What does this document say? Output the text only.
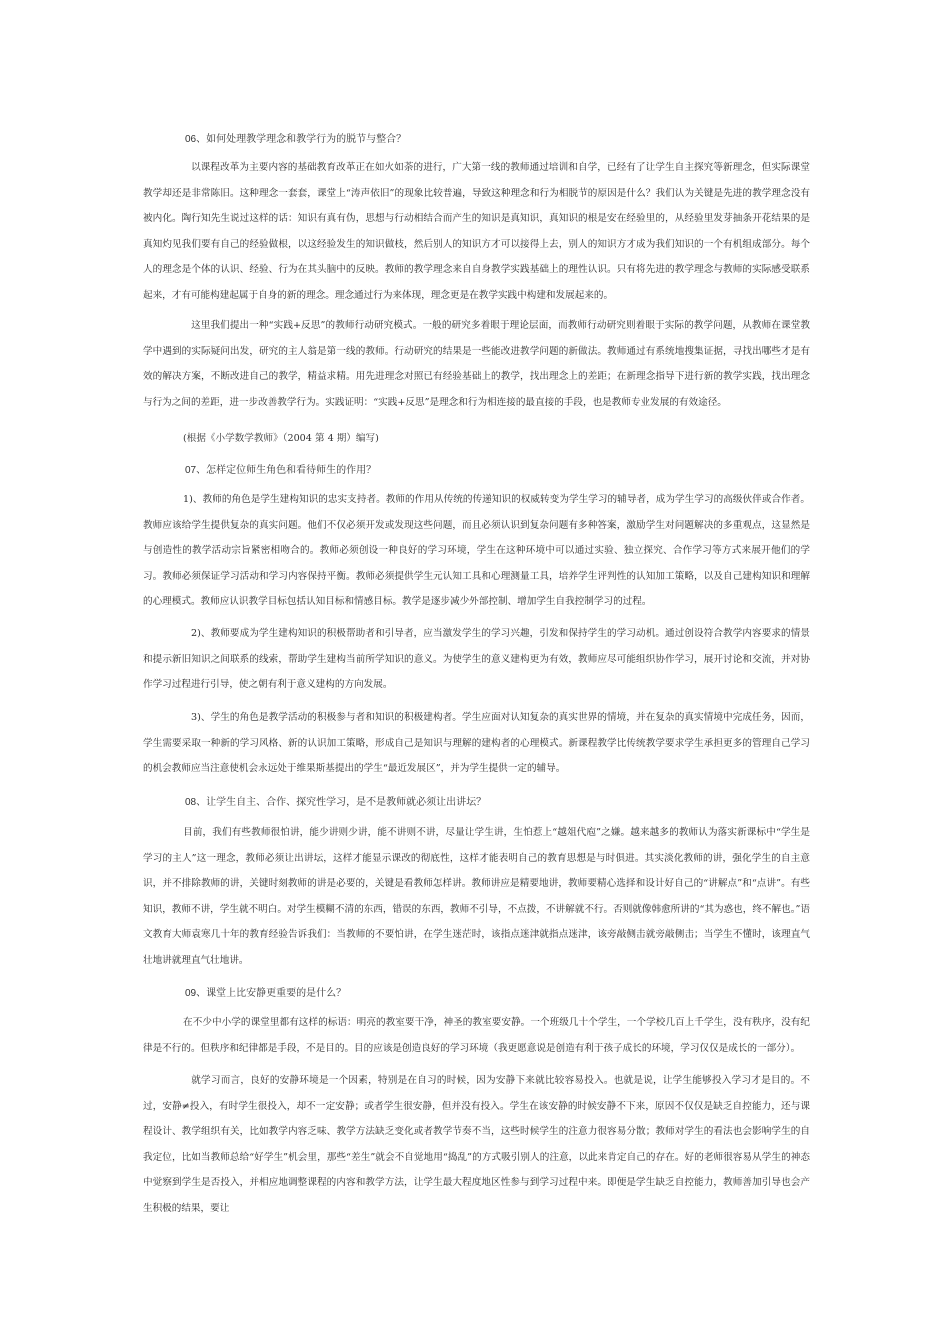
06、如何处理教学理念和教学行为的脱节与整合？
以课程改革为主要内容的基础教育改革正在如火如荼的进行，广大第一线的教师通过培训和自学，已经有了让学生自主探究等新理念，但实际课堂教学却还是非常陈旧。这种理念一套套，课堂上“涛声依旧”的现象比较普遍，导致这种理念和行为相脱节的原因是什么？我们认为关键是先进的教学理念没有被内化。陶行知先生说过这样的话：知识有真有伪，思想与行动相结合而产生的知识是真知识，真知识的根是安在经验里的，从经验里发芽抽条开花结果的是真知灼见我们要有自己的经验做根，以这经验发生的知识做枝，然后别人的知识方才可以接得上去，别人的知识方才成为我们知识的一个有机组成部分。每个人的理念是个体的认识、经验、行为在其头脑中的反映。教师的教学理念来自自身教学实践基础上的理性认识。只有将先进的教学理念与教师的实际感受联系起来，才有可能构建起属于自身的新的理念。理念通过行为来体现，理念更是在教学实践中构建和发展起来的。
这里我们提出一种“实践+反思”的教师行动研究模式。一般的研究多着眼于理论层面，而教师行动研究则着眼于实际的教学问题，从教师在课堂教学中遇到的实际疑问出发，研究的主人翁是第一线的教师。行动研究的结果是一些能改进教学问题的新做法。教师通过有系统地搜集证据，寻找出哪些才是有效的解决方案，不断改进自己的教学，精益求精。用先进理念对照已有经验基础上的教学，找出理念上的差距；在新理念指导下进行新的教学实践，找出理念与行为之间的差距，进一步改善教学行为。实践证明：“实践+反思”是理念和行为相连接的最直接的手段，也是教师专业发展的有效途径。
(根据《小学数学教师》（2004 第 4 期）编写)
07、怎样定位师生角色和看待师生的作用？
1)、教师的角色是学生建构知识的忠实支持者。教师的作用从传统的传递知识的权威转变为学生学习的辅导者，成为学生学习的高级伙伴或合作者。教师应该给学生提供复杂的真实问题。他们不仅必须开发或发现这些问题，而且必须认识到复杂问题有多种答案，激励学生对问题解决的多重观点，这显然是与创造性的教学活动宗旨紧密相吻合的。教师必须创设一种良好的学习环境，学生在这种环境中可以通过实验、独立探究、合作学习等方式来展开他们的学习。教师必须保证学习活动和学习内容保持平衡。教师必须提供学生元认知工具和心理测量工具，培养学生评判性的认知加工策略，以及自己建构知识和理解的心理模式。教师应认识教学目标包括认知目标和情感目标。教学是逐步减少外部控制、增加学生自我控制学习的过程。
2)、教师要成为学生建构知识的积极帮助者和引导者，应当激发学生的学习兴趣，引发和保持学生的学习动机。通过创设符合教学内容要求的情景和提示新旧知识之间联系的线索，帮助学生建构当前所学知识的意义。为使学生的意义建构更为有效，教师应尽可能组织协作学习，展开讨论和交流，并对协作学习过程进行引导，使之朝有利于意义建构的方向发展。
3)、学生的角色是教学活动的积极参与者和知识的积极建构者。学生应面对认知复杂的真实世界的情境，并在复杂的真实情境中完成任务，因而，学生需要采取一种新的学习风格、新的认识加工策略，形成自己是知识与理解的建构者的心理模式。新课程教学比传统教学要求学生承担更多的管理自己学习的机会教师应当注意使机会永远处于维果斯基提出的学生“最近发展区”，并为学生提供一定的辅导。
08、让学生自主、合作、探究性学习，是不是教师就必须让出讲坛？
目前，我们有些教师很怕讲，能少讲则少讲，能不讲则不讲，尽量让学生讲，生怕惹上“越俎代庖”之嫌。越来越多的教师认为落实新课标中“学生是学习的主人”这一理念，教师必须让出讲坛，这样才能显示课改的彻底性，这样才能表明自己的教育思想是与时俱进。其实淡化教师的讲，强化学生的自主意识，并不排除教师的讲，关键时刻教师的讲是必要的，关键是看教师怎样讲。教师讲应是精要地讲，教师要精心选择和设计好自己的“讲解点”和“点讲”。有些知识，教师不讲，学生就不明白。对学生模糊不清的东西，错误的东西，教师不引导，不点拨，不讲解就不行。否则就像韩愈所讲的“其为惑也，终不解也。”语文教育大师袁寒几十年的教育经验告诉我们：当教师的不要怕讲，在学生迷茫时，该指点迷津就指点迷津，该旁敲侧击就旁敲侧击；当学生不懂时，该理直气壮地讲就理直气壮地讲。
09、课堂上比安静更重要的是什么？
在不少中小学的课堂里都有这样的标语：明亮的教室要干净，神圣的教室要安静。一个班级几十个学生，一个学校几百上千学生，没有秩序，没有纪律是不行的。但秩序和纪律都是手段，不是目的。目的应该是创造良好的学习环境（我更愿意说是创造有利于孩子成长的环境，学习仅仅是成长的一部分）。
就学习而言，良好的安静环境是一个因素，特别是在自习的时候，因为安静下来就比较容易投入。也就是说，让学生能够投入学习才是目的。不过，安静≠投入，有时学生很投入，却不一定安静；或者学生很安静，但并没有投入。学生在该安静的时候安静不下来，原因不仅仅是缺乏自控能力，还与课程设计、教学组织有关，比如教学内容乏味、教学方法缺乏变化或者教学节奏不当，这些时候学生的注意力很容易分散；教师对学生的看法也会影响学生的自我定位，比如当教师总给“好学生”机会里，那些“差生”就会不自觉地用“捣乱”的方式吸引别人的注意，以此来肯定自己的存在。好的老师很容易从学生的神态中觉察到学生是否投入，并相应地调整课程的内容和教学方法，让学生最大程度地区性参与到学习过程中来。即便是学生缺乏自控能力，教师善加引导也会产生积极的结果，要让
